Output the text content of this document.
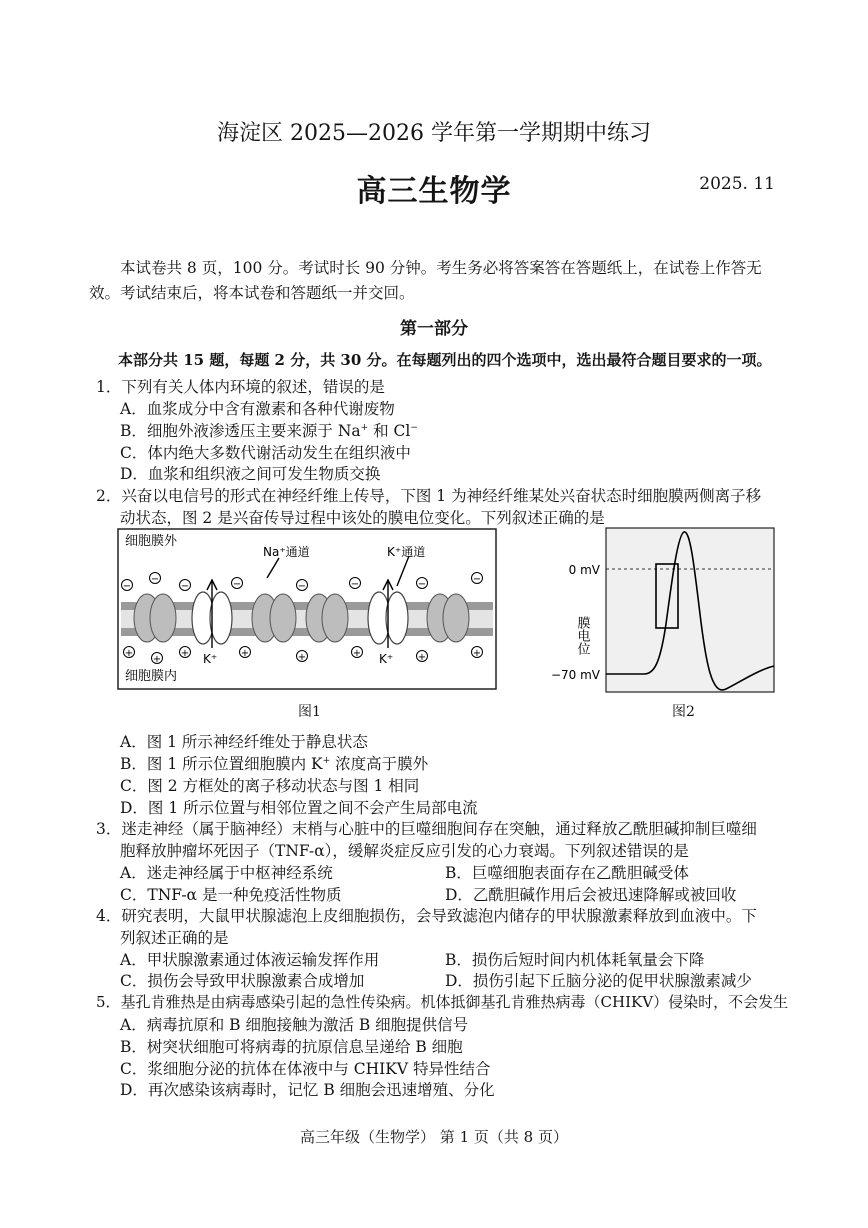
海淀区 2025—2026 学年第一学期期中练习
高三生物学	2025. 11
本试卷共 8 页，100 分。考试时长 90 分钟。考生务必将答案答在答题纸上，在试卷上作答无效。考试结束后，将本试卷和答题纸一并交回。
第一部分
本部分共 15 题，每题 2 分，共 30 分。在每题列出的四个选项中，选出最符合题目要求的一项。
1．下列有关人体内环境的叙述，错误的是
A．血浆成分中含有激素和各种代谢废物
B．细胞外液渗透压主要来源于 Na+ 和 Cl−
C．体内绝大多数代谢活动发生在组织液中
D．血浆和组织液之间可发生物质交换
2．兴奋以电信号的形式在神经纤维上传导，下图 1 为神经纤维某处兴奋状态时细胞膜两侧离子移
动状态，图 2 是兴奋传导过程中该处的膜电位变化。下列叙述正确的是
−
−
−	−	−	−	−	−
+
+
+	+	+	+	+	+
细胞膜外
细胞膜内
Na⁺通道	K⁺通道
K⁺	K⁺
图1
0 mV
−70 mV
膜电位
图2
A．图 1 所示神经纤维处于静息状态
B．图 1 所示位置细胞膜内 K+ 浓度高于膜外
C．图 2 方框处的离子移动状态与图 1 相同
D．图 1 所示位置与相邻位置之间不会产生局部电流
3．迷走神经（属于脑神经）末梢与心脏中的巨噬细胞间存在突触，通过释放乙酰胆碱抑制巨噬细
胞释放肿瘤坏死因子（TNF-α），缓解炎症反应引发的心力衰竭。下列叙述错误的是
A．迷走神经属于中枢神经系统	B．巨噬细胞表面存在乙酰胆碱受体
C．TNF-α 是一种免疫活性物质	D．乙酰胆碱作用后会被迅速降解或被回收
4．研究表明，大鼠甲状腺滤泡上皮细胞损伤，会导致滤泡内储存的甲状腺激素释放到血液中。下
列叙述正确的是
A．甲状腺激素通过体液运输发挥作用	B．损伤后短时间内机体耗氧量会下降
C．损伤会导致甲状腺激素合成增加	D．损伤引起下丘脑分泌的促甲状腺激素减少
5．基孔肯雅热是由病毒感染引起的急性传染病。机体抵御基孔肯雅热病毒（CHIKV）侵染时，不会发生
A．病毒抗原和 B 细胞接触为激活 B 细胞提供信号
B．树突状细胞可将病毒的抗原信息呈递给 B 细胞
C．浆细胞分泌的抗体在体液中与 CHIKV 特异性结合
D．再次感染该病毒时，记忆 B 细胞会迅速增殖、分化
高三年级（生物学） 第 1 页（共 8 页）
